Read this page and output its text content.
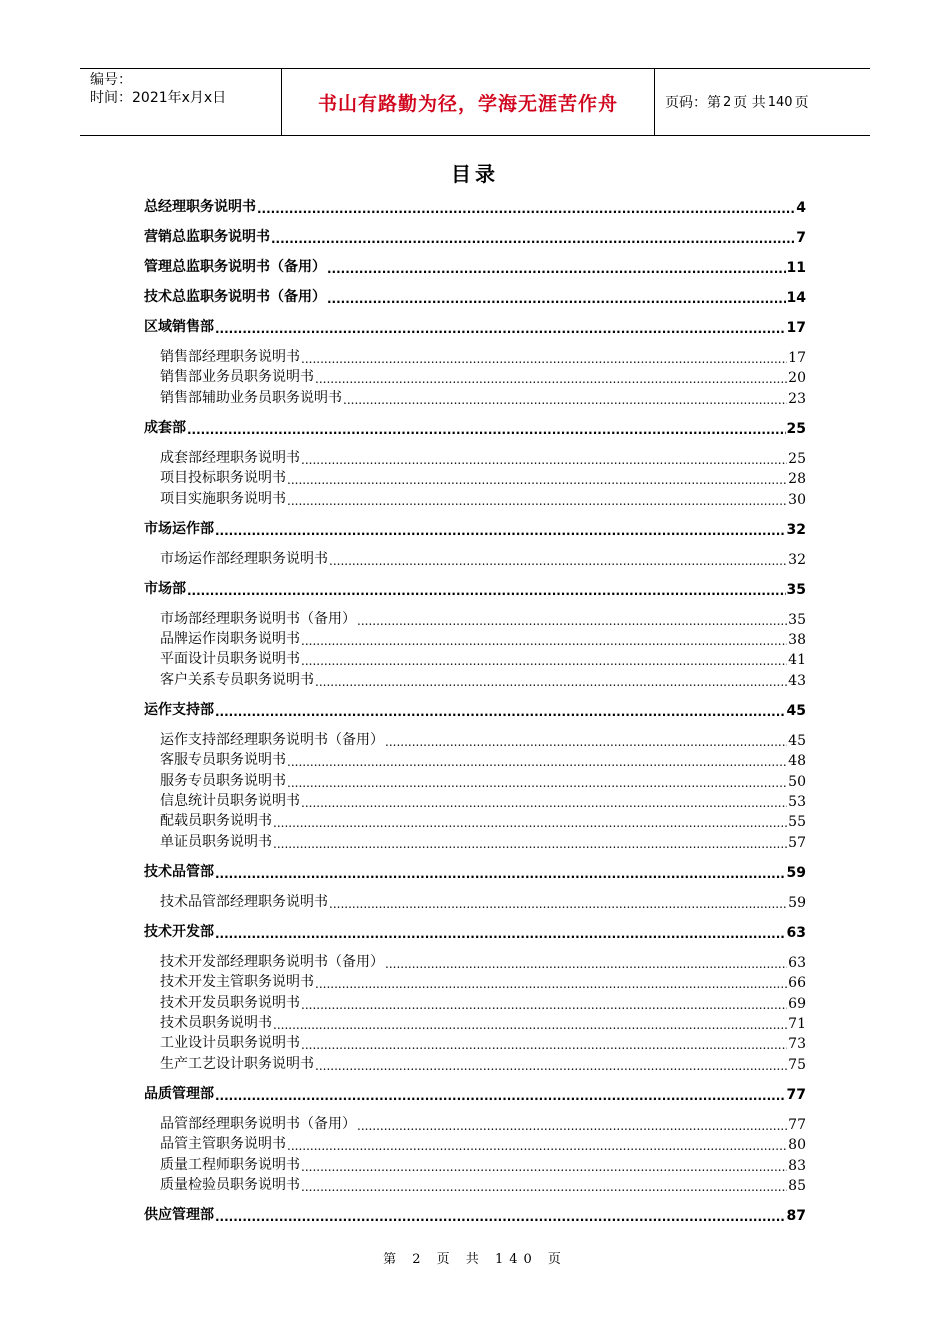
编号：
时间：2021年x月x日	书山有路勤为径，学海无涯苦作舟	页码：第 2 页 共 140 页
目录
总经理职务说明书 .....	4
营销总监职务说明书 .....	7
管理总监职务说明书（备用） .....	11
技术总监职务说明书（备用） .....	14
区域销售部 .....	17
销售部经理职务说明书 .....	17
销售部业务员职务说明书 .....	20
销售部辅助业务员职务说明书 .....	23
成套部 .....	25
成套部经理职务说明书 .....	25
项目投标职务说明书 .....	28
项目实施职务说明书 .....	30
市场运作部 .....	32
市场运作部经理职务说明书 .....	32
市场部 .....	35
市场部经理职务说明书（备用） .....	35
品牌运作岗职务说明书 .....	38
平面设计员职务说明书 .....	41
客户关系专员职务说明书 .....	43
运作支持部 .....	45
运作支持部经理职务说明书（备用） .....	45
客服专员职务说明书 .....	48
服务专员职务说明书 .....	50
信息统计员职务说明书 .....	53
配载员职务说明书 .....	55
单证员职务说明书 .....	57
技术品管部 .....	59
技术品管部经理职务说明书 .....	59
技术开发部 .....	63
技术开发部经理职务说明书（备用） .....	63
技术开发主管职务说明书 .....	66
技术开发员职务说明书 .....	69
技术员职务说明书 .....	71
工业设计员职务说明书 .....	73
生产工艺设计职务说明书 .....	75
品质管理部 .....	77
品管部经理职务说明书（备用） .....	77
品管主管职务说明书 .....	80
质量工程师职务说明书 .....	83
质量检验员职务说明书 .....	85
供应管理部 .....	87
第 2 页 共 140 页
